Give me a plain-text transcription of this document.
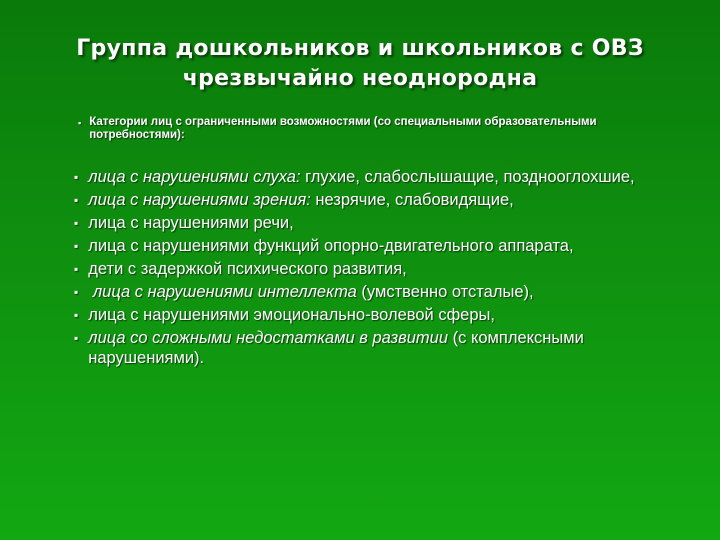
Группа дошкольников и школьников с ОВЗ
чрезвычайно неоднородна
▪ Категории лиц с ограниченными возможностями (со специальными образовательными потребностями):
▪ лица с нарушениями слуха: глухие, слабослышащие, позднооглохшие,
▪ лица с нарушениями зрения: незрячие, слабовидящие,
▪ лица с нарушениями речи,
▪ лица с нарушениями функций опорно-двигательного аппарата,
▪ дети с задержкой психического развития,
▪ лица с нарушениями интеллекта (умственно отсталые),
▪ лица с нарушениями эмоционально-волевой сферы,
▪ лица со сложными недостатками в развитии (с комплексными нарушениями).
